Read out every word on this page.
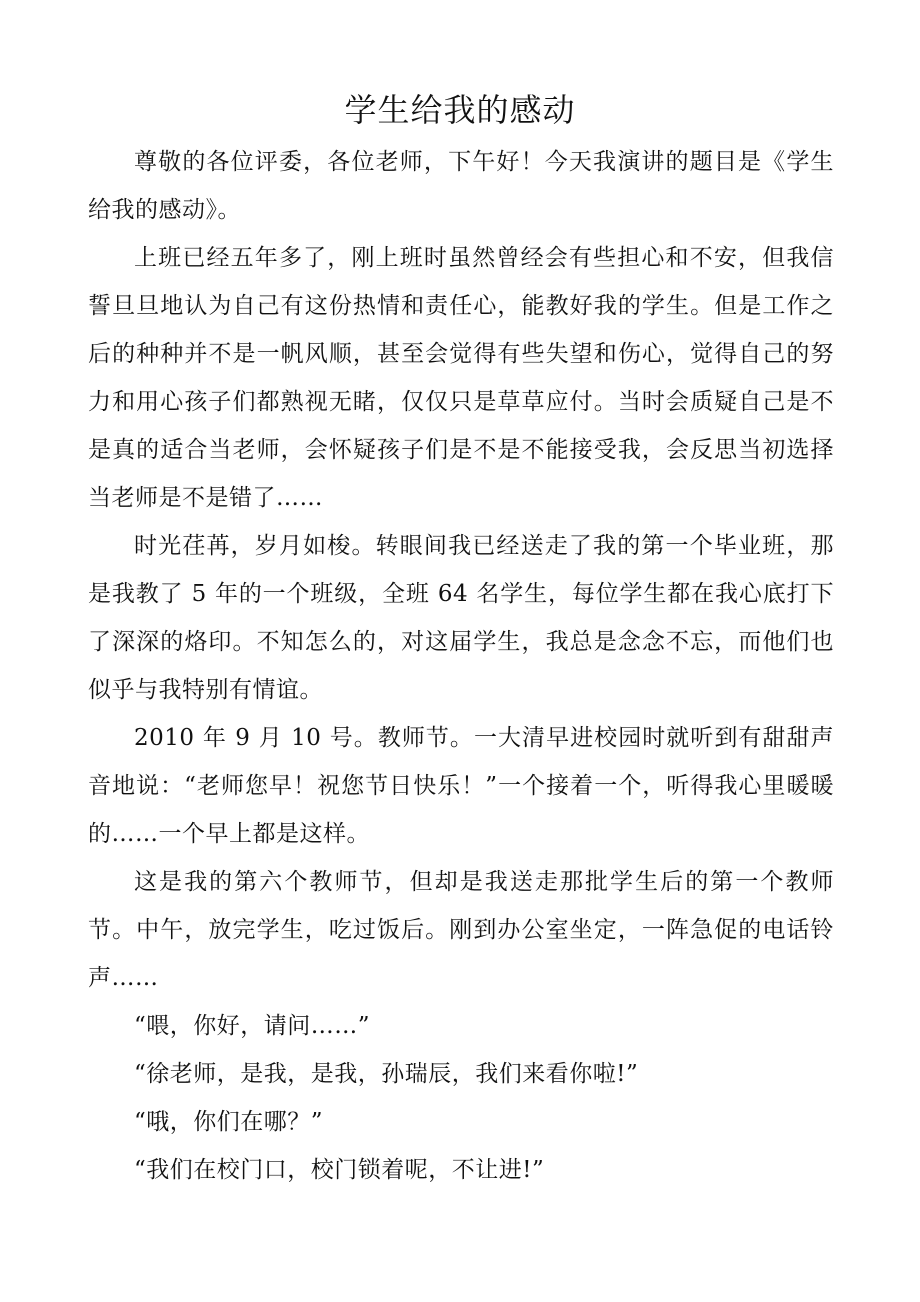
学生给我的感动

尊敬的各位评委，各位老师，下午好！今天我演讲的题目是《学生给我的感动》。

上班已经五年多了，刚上班时虽然曾经会有些担心和不安，但我信誓旦旦地认为自己有这份热情和责任心，能教好我的学生。但是工作之后的种种并不是一帆风顺，甚至会觉得有些失望和伤心，觉得自己的努力和用心孩子们都熟视无睹，仅仅只是草草应付。当时会质疑自己是不是真的适合当老师，会怀疑孩子们是不是不能接受我，会反思当初选择当老师是不是错了……

时光荏苒，岁月如梭。转眼间我已经送走了我的第一个毕业班，那是我教了 5 年的一个班级，全班 64 名学生，每位学生都在我心底打下了深深的烙印。不知怎么的，对这届学生，我总是念念不忘，而他们也似乎与我特别有情谊。

2010 年 9 月 10 号。教师节。一大清早进校园时就听到有甜甜声音地说：“老师您早！祝您节日快乐！”一个接着一个，听得我心里暖暖的……一个早上都是这样。

这是我的第六个教师节，但却是我送走那批学生后的第一个教师节。中午，放完学生，吃过饭后。刚到办公室坐定，一阵急促的电话铃声……

“喂，你好，请问……”

“徐老师，是我，是我，孙瑞辰，我们来看你啦!”

“哦，你们在哪？”

“我们在校门口，校门锁着呢，不让进!”
